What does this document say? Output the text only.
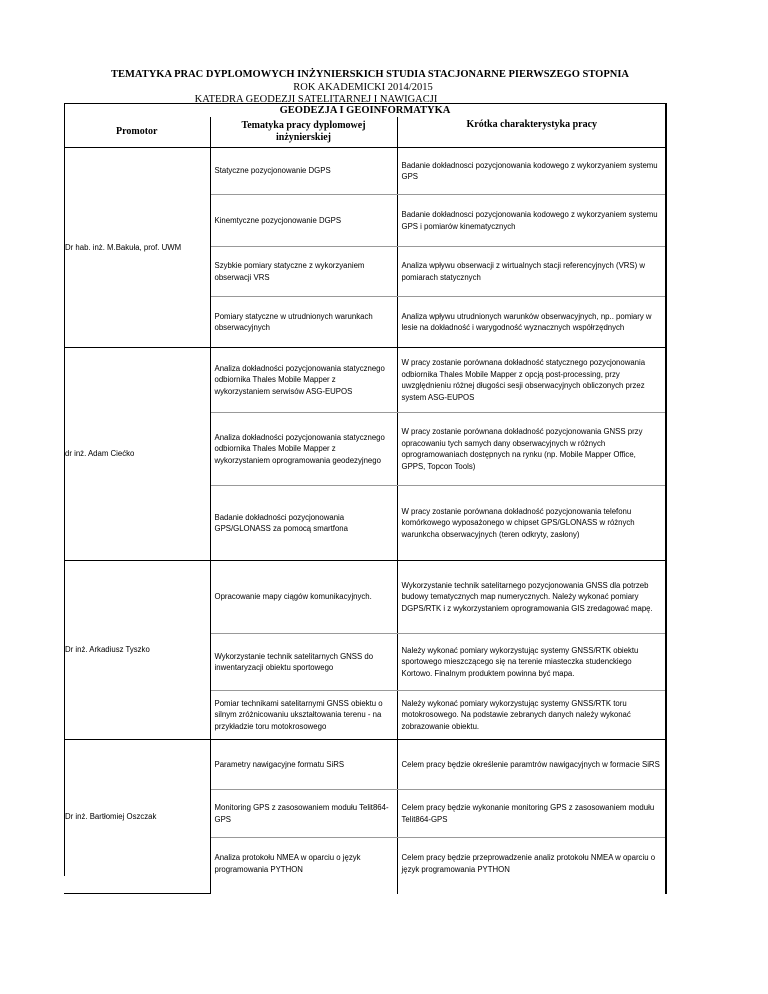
TEMATYKA PRAC DYPLOMOWYCH INŻYNIERSKICH STUDIA STACJONARNE PIERWSZEGO STOPNIA
ROK AKADEMICKI 2014/2015
KATEDRA GEODEZJI SATELITARNEJ I NAWIGACJI
GEODEZJA I GEOINFORMATYKA		
Promotor	Tematyka pracy dyplomowej inżynierskiej	Krótka charakterystyka pracy
Dr hab. inż. M.Bakuła, prof. UWM	Statyczne pozycjonowanie DGPS	Badanie dokładnosci pozycjonowania kodowego z wykorzyaniem systemu GPS
	Kinemtyczne pozycjonowanie DGPS	Badanie dokładnosci pozycjonowania kodowego z wykorzyaniem systemu GPS i pomiarów kinematycznych
	Szybkie pomiary statyczne z wykorzyaniem obserwacji VRS	Analiza wpływu obserwacji z wirtualnych stacji referencyjnych (VRS) w pomiarach statycznych
	Pomiary statyczne w utrudnionych warunkach obserwacyjnych	Analiza wpływu utrudnionych warunków obserwacyjnych, np.. pomiary w lesie na dokładność i warygodność wyznacznych współrzędnych
dr inż. Adam Ciećko	Analiza dokładności pozycjonowania statycznego odbiornika Thales Mobile Mapper z wykorzystaniem serwisów ASG-EUPOS	W pracy zostanie porównana dokładność statycznego pozycjonowania odbiornika Thales Mobile Mapper z opcją post-processing, przy uwzględnieniu różnej długości sesji obserwacyjnych obliczonych przez system ASG-EUPOS
	Analiza dokładności pozycjonowania statycznego odbiornika Thales Mobile Mapper z wykorzystaniem oprogramowania geodezyjnego	W pracy zostanie porównana dokładność pozycjonowania GNSS przy opracowaniu tych samych dany obserwacyjnych w różnych oprogramowaniach dostępnych na rynku (np. Mobile Mapper Office, GPPS, Topcon Tools)
	Badanie dokładności pozycjonowania GPS/GLONASS za pomocą smartfona	W pracy zostanie porównana dokładność pozycjonowania telefonu komórkowego wyposażonego w chipset GPS/GLONASS w różnych warunkcha obserwacyjnych (teren odkryty, zasłony)
Dr inż. Arkadiusz Tyszko	Opracowanie mapy ciągów komunikacyjnych.	Wykorzystanie technik satelitarnego pozycjonowania GNSS dla potrzeb budowy tematycznych map numerycznych. Należy wykonać pomiary DGPS/RTK i z wykorzystaniem oprogramowania GIS zredagować mapę.
	Wykorzystanie technik satelitarnych GNSS do inwentaryzacji obiektu sportowego	Należy wykonać pomiary wykorzystując systemy GNSS/RTK obiektu sportowego mieszczącego się na terenie miasteczka studenckiego Kortowo. Finalnym produktem powinna być mapa.
	Pomiar technikami satelitarnymi GNSS obiektu o silnym zróżnicowaniu ukształtowania terenu - na przykładzie toru motokrosowego	Należy wykonać pomiary wykorzystując systemy GNSS/RTK toru motokrosowego. Na podstawie zebranych danych należy wykonać zobrazowanie obiektu.
Dr inż. Bartłomiej Oszczak	Parametry nawigacyjne formatu SiRS	Celem pracy będzie określenie paramtrów nawigacyjnych w formacie SiRS
	Monitoring GPS z zasosowaniem modułu Telit864-GPS	Celem pracy będzie wykonanie monitoring GPS z zasosowaniem modułu Telit864-GPS
	Analiza protokołu NMEA w oparciu o język programowania PYTHON	Celem pracy będzie przeprowadzenie analiz protokołu NMEA w oparciu o język programowania PYTHON
